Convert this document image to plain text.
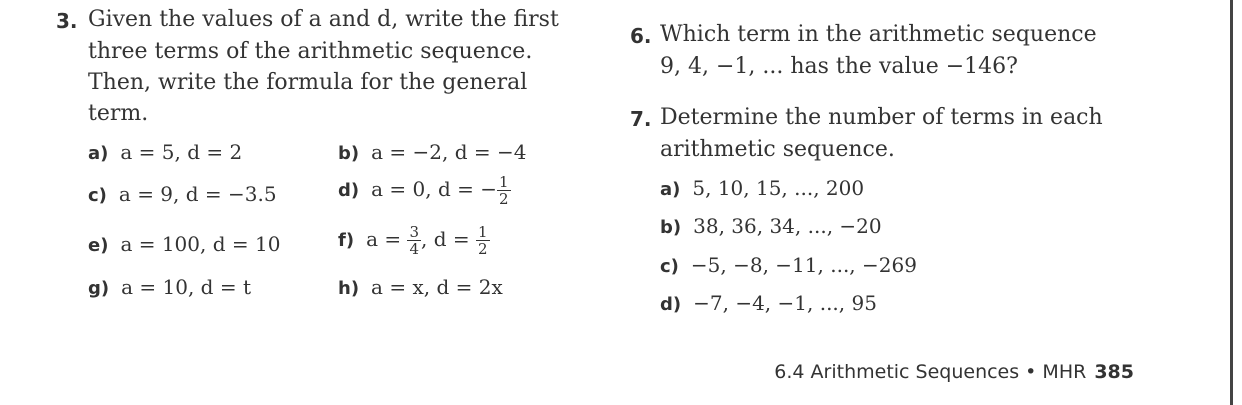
3. Given the values of a and d, write the first
three terms of the arithmetic sequence.
Then, write the formula for the general
term.
a) a = 5, d = 2	b) a = −2, d = −4
c) a = 9, d = −3.5	d) a = 0, d = − $\frac{1}{2}$
e) a = 100, d = 10	f) $a = \frac{3}{4}$ , $d = \frac{1}{2}$
g) a = 10, d = t	h) a = x, d = 2x
6. Which term in the arithmetic sequence
9, 4, −1, ... has the value −146?
7. Determine the number of terms in each
arithmetic sequence.
a) 5, 10, 15, ..., 200
b) 38, 36, 34, ..., −20
c) −5, −8, −11, ..., −269
d) −7, −4, −1, ..., 95
6.4 Arithmetic Sequences • MHR 385
